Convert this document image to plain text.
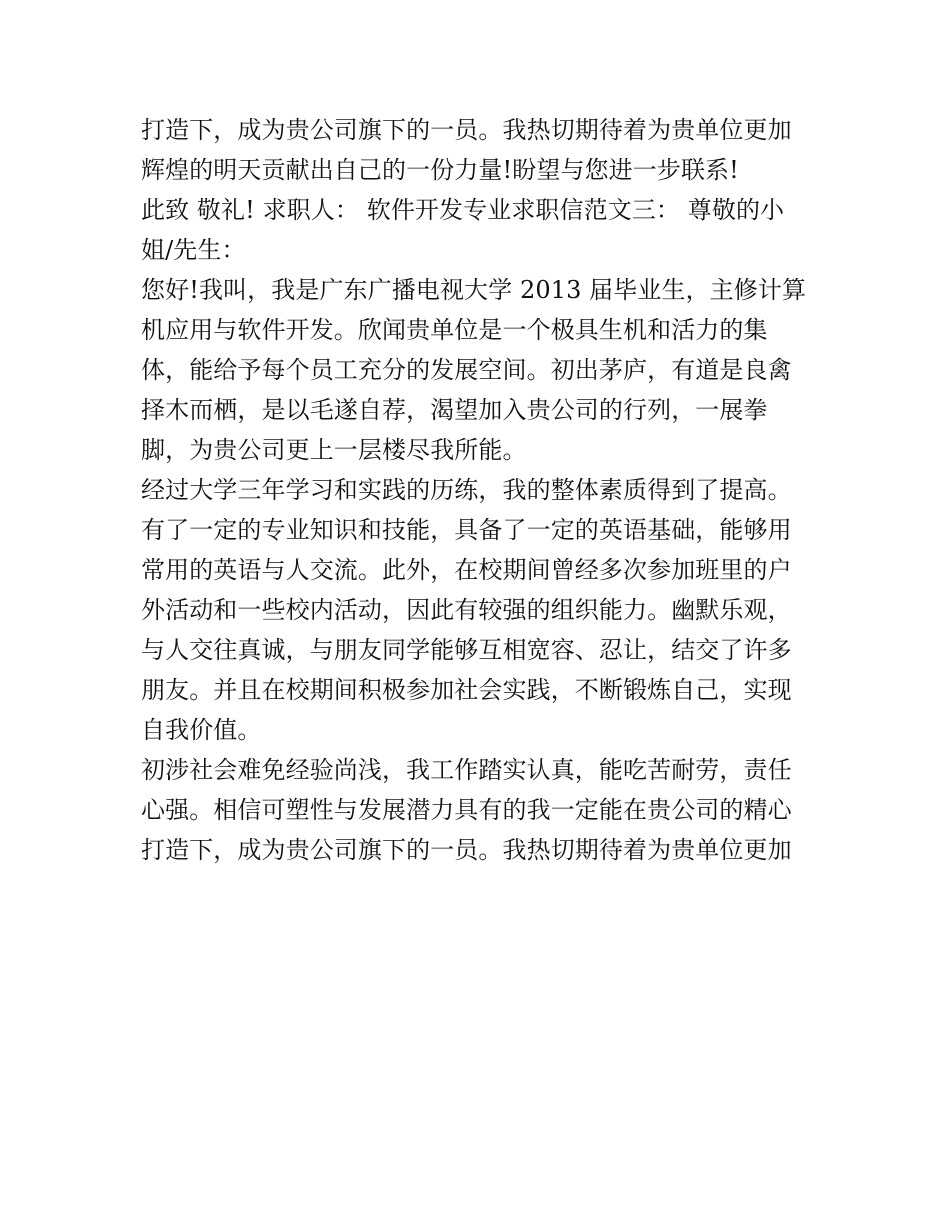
打造下，成为贵公司旗下的一员。我热切期待着为贵单位更加

辉煌的明天贡献出自己的一份力量!盼望与您进一步联系!

此致 敬礼! 求职人： 软件开发专业求职信范文三： 尊敬的小

姐/先生：

您好!我叫，我是广东广播电视大学 2013 届毕业生，主修计算

机应用与软件开发。欣闻贵单位是一个极具生机和活力的集

体，能给予每个员工充分的发展空间。初出茅庐，有道是良禽

择木而栖，是以毛遂自荐，渴望加入贵公司的行列，一展拳

脚，为贵公司更上一层楼尽我所能。

经过大学三年学习和实践的历练，我的整体素质得到了提高。

有了一定的专业知识和技能，具备了一定的英语基础，能够用

常用的英语与人交流。此外，在校期间曾经多次参加班里的户

外活动和一些校内活动，因此有较强的组织能力。幽默乐观，

与人交往真诚，与朋友同学能够互相宽容、忍让，结交了许多

朋友。并且在校期间积极参加社会实践，不断锻炼自己，实现

自我价值。

初涉社会难免经验尚浅，我工作踏实认真，能吃苦耐劳，责任

心强。相信可塑性与发展潜力具有的我一定能在贵公司的精心

打造下，成为贵公司旗下的一员。我热切期待着为贵单位更加
